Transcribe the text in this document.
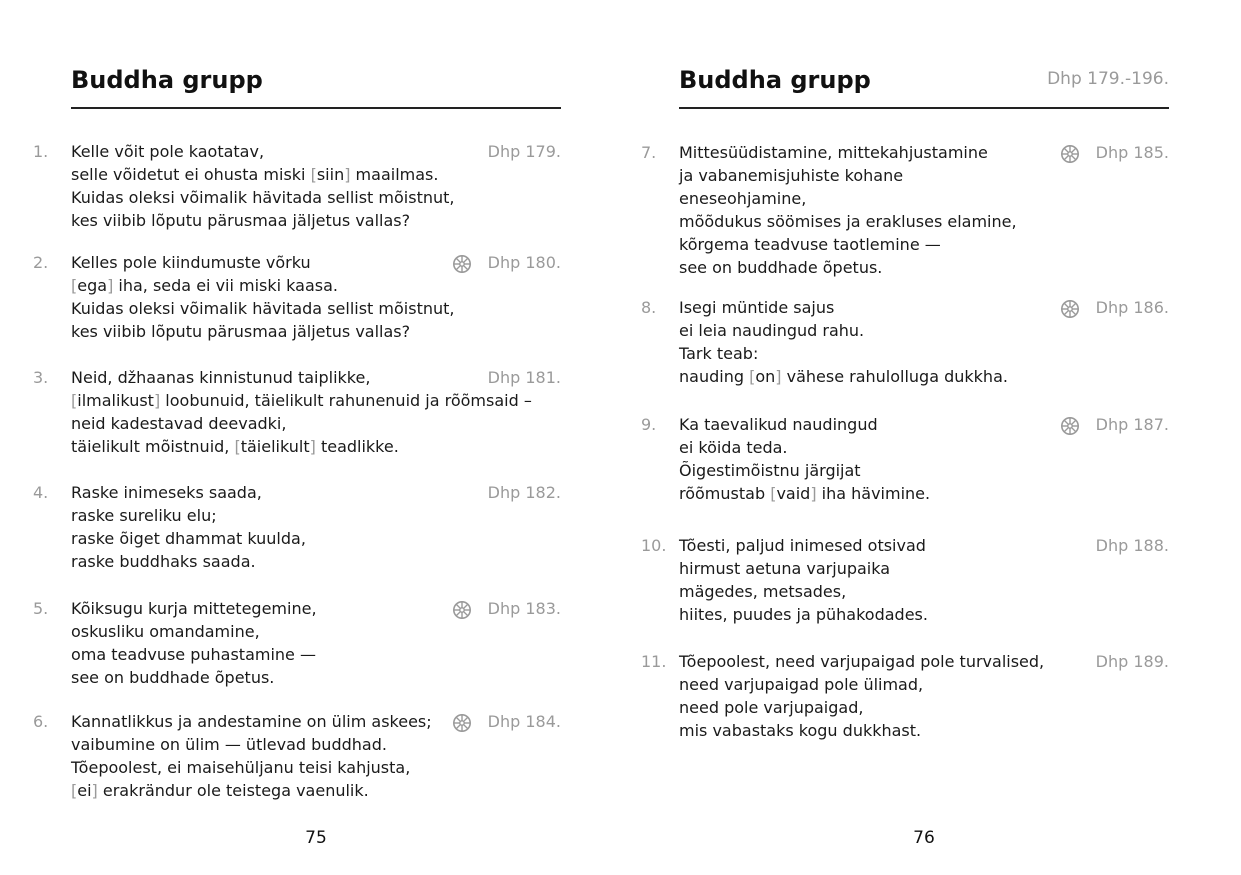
Buddha grupp
1.	Kelle võit pole kaotatav,
selle võidetut ei ohusta miski [siin] maailmas.
Kuidas oleksi võimalik hävitada sellist mõistnut,
kes viibib lõputu pärusmaa jäljetus vallas?
Dhp 179.
2.	Kelles pole kiindumuste võrku
[ega] iha, seda ei vii miski kaasa.
Kuidas oleksi võimalik hävitada sellist mõistnut,
kes viibib lõputu pärusmaa jäljetus vallas?
Dhp 180.
3.	Neid, džhaanas kinnistunud taiplikke,
[ilmalikust] loobunuid, täielikult rahunenuid ja rõõmsaid –
neid kadestavad deevadki,
täielikult mõistnuid, [täielikult] teadlikke.
Dhp 181.
4.	Raske inimeseks saada,
raske sureliku elu;
raske õiget dhammat kuulda,
raske buddhaks saada.
Dhp 182.
5.	Kõiksugu kurja mittetegemine,
oskusliku omandamine,
oma teadvuse puhastamine —
see on buddhade õpetus.
Dhp 183.
6.	Kannatlikkus ja andestamine on ülim askees;
vaibumine on ülim — ütlevad buddhad.
Tõepoolest, ei maisehüljanu teisi kahjusta,
[ei] erakrändur ole teistega vaenulik.
Dhp 184.
75
Buddha grupp	Dhp 179.-196.
7.	Mittesüüdistamine, mittekahjustamine
ja vabanemisjuhiste kohane
eneseohjamine,
mõõdukus söömises ja erakluses elamine,
kõrgema teadvuse taotlemine —
see on buddhade õpetus.
Dhp 185.
8.	Isegi müntide sajus
ei leia naudingud rahu.
Tark teab:
nauding [on] vähese rahulolluga dukkha.
Dhp 186.
9.	Ka taevalikud naudingud
ei köida teda.
Õigestimõistnu järgijat
rõõmustab [vaid] iha hävimine.
Dhp 187.
10. Tõesti, paljud inimesed otsivad
hirmust aetuna varjupaika
mägedes, metsades,
hiites, puudes ja pühakodades.
Dhp 188.
11. Tõepoolest, need varjupaigad pole turvalised,
need varjupaigad pole ülimad,
need pole varjupaigad,
mis vabastaks kogu dukkhast.
Dhp 189.
76
